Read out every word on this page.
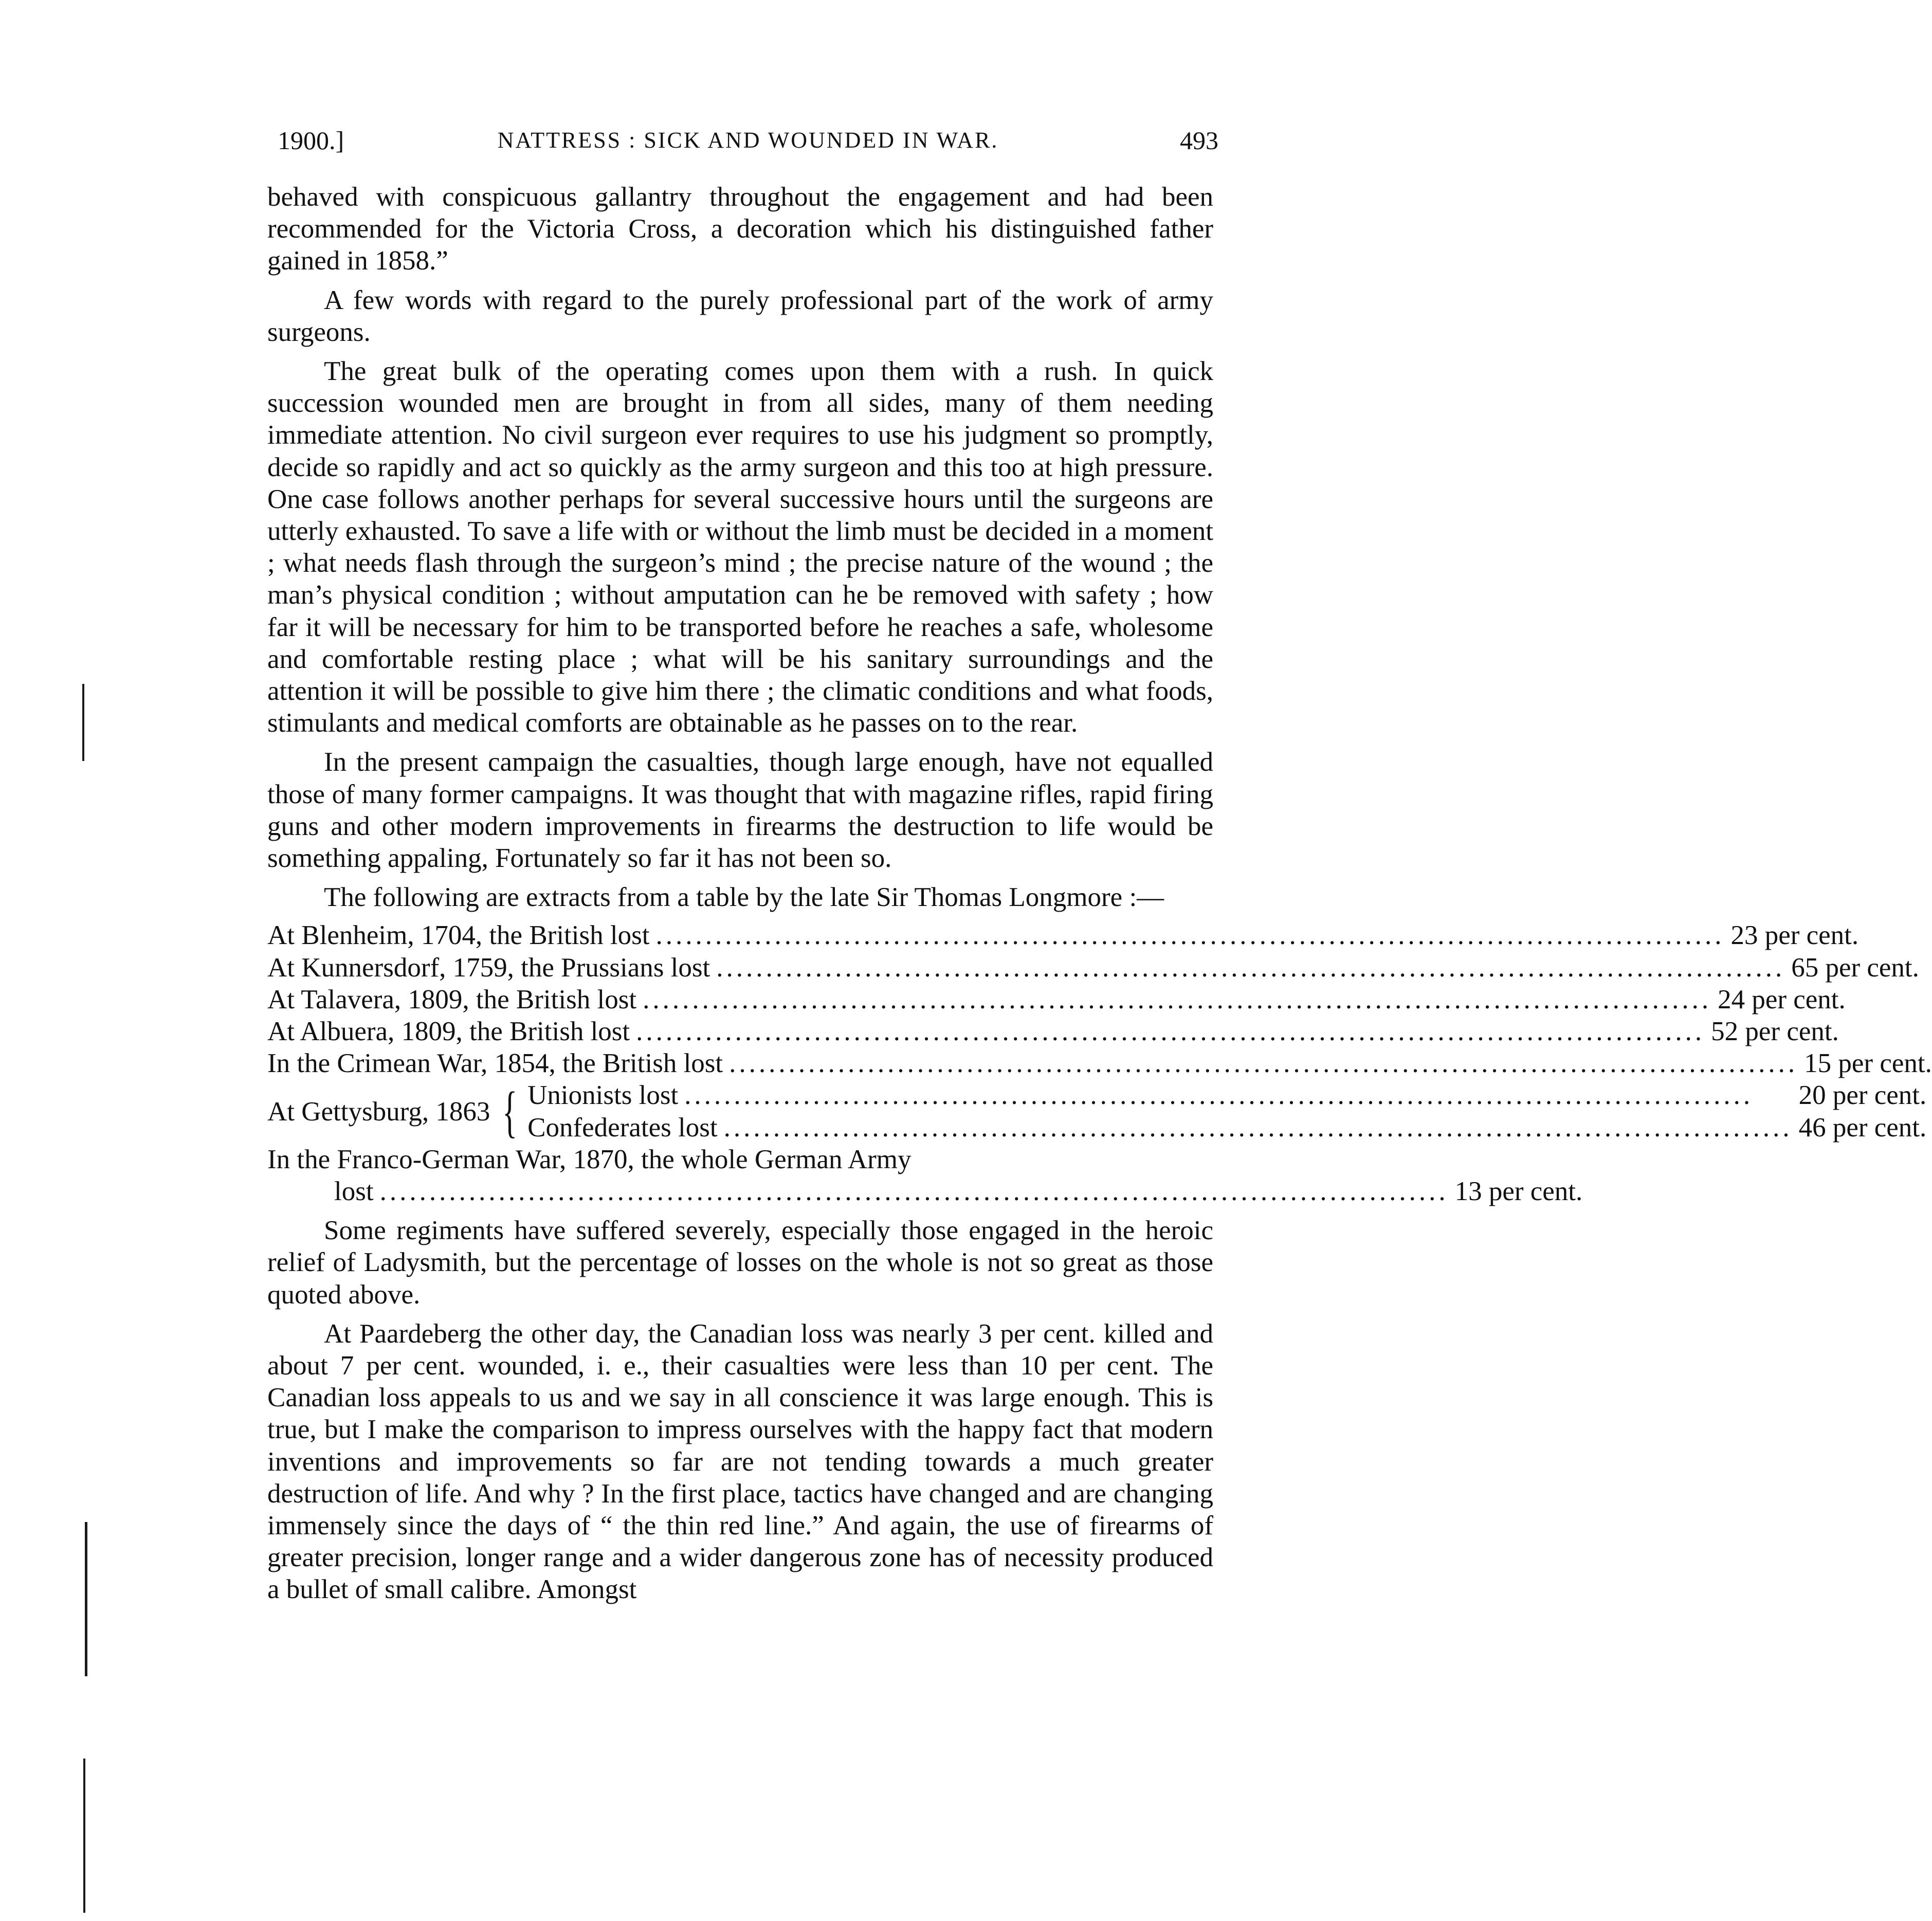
1900.]	NATTRESS : SICK AND WOUNDED IN WAR.	493

behaved with conspicuous gallantry throughout the engagement and had been recommended for the Victoria Cross, a decoration which his distinguished father gained in 1858.”

A few words with regard to the purely professional part of the work of army surgeons.

The great bulk of the operating comes upon them with a rush. In quick succession wounded men are brought in from all sides, many of them needing immediate attention. No civil surgeon ever requires to use his judgment so promptly, decide so rapidly and act so quickly as the army surgeon and this too at high pressure. One case follows another perhaps for several successive hours until the surgeons are utterly exhausted. To save a life with or without the limb must be decided in a moment ; what needs flash through the surgeon’s mind ; the precise nature of the wound ; the man’s physical condition ; without amputation can he be removed with safety ; how far it will be necessary for him to be transported before he reaches a safe, wholesome and comfortable resting place ; what will be his sanitary surroundings and the attention it will be possible to give him there ; the climatic conditions and what foods, stimulants and medical comforts are obtainable as he passes on to the rear.

In the present campaign the casualties, though large enough, have not equalled those of many former campaigns. It was thought that with magazine rifles, rapid firing guns and other modern improvements in firearms the destruction to life would be something appaling, Fortunately so far it has not been so.

The following are extracts from a table by the late Sir Thomas Longmore :—

At Blenheim, 1704, the British lost .....	23 per cent.
At Kunnersdorf, 1759, the Prussians lost .....	65 per cent.
At Talavera, 1809, the British lost .....	24 per cent.
At Albuera, 1809, the British lost .....	52 per cent.
In the Crimean War, 1854, the British lost .....	15 per cent.
At Gettysburg, 1863 { Unionists lost .....	20 per cent.
Confederates lost .....	46 per cent.
In the Franco-German War, 1870, the whole German Army
lost .....	13 per cent.

Some regiments have suffered severely, especially those engaged in the heroic relief of Ladysmith, but the percentage of losses on the whole is not so great as those quoted above.

At Paardeberg the other day, the Canadian loss was nearly 3 per cent. killed and about 7 per cent. wounded, i. e., their casualties were less than 10 per cent. The Canadian loss appeals to us and we say in all conscience it was large enough. This is true, but I make the comparison to impress ourselves with the happy fact that modern inventions and improvements so far are not tending towards a much greater destruction of life. And why ? In the first place, tactics have changed and are changing immensely since the days of “ the thin red line.” And again, the use of firearms of greater precision, longer range and a wider dangerous zone has of necessity produced a bullet of small calibre. Amongst
